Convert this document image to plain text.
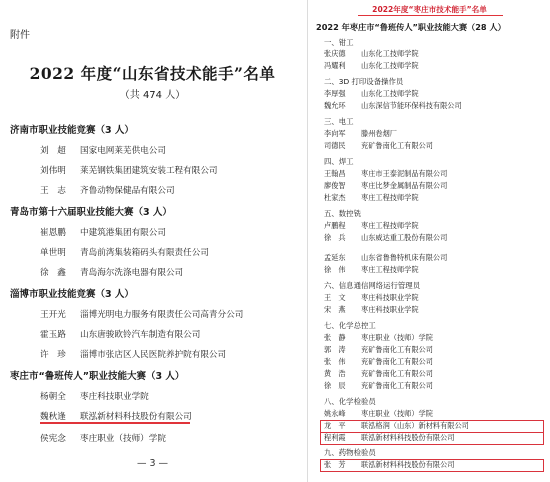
附件
2022 年度“山东省技术能手”名单
（共 474 人）
济南市职业技能竞赛（3 人）
刘　超 国家电网莱芜供电公司
刘伟明 莱芜钢铁集团建筑安装工程有限公司
王　志 齐鲁动物保健品有限公司
青岛市第十六届职业技能大赛（3 人）
崔恩鹏 中建筑港集团有限公司
单世明 青岛前湾集装箱码头有限责任公司
徐　鑫 青岛海尔洗涤电器有限公司
淄博市职业技能竞赛（3 人）
王开光 淄博光明电力服务有限责任公司高青分公司
霍玉路 山东唐骏欧铃汽车制造有限公司
许　珍 淄博市张店区人民医院养护院有限公司
枣庄市“鲁班传人”职业技能大赛（3 人）
杨朝全 枣庄科技职业学院
魏秋逢 联泓新材料科技股份有限公司
侯宪念 枣庄职业（技师）学院
— 3 —
2022年度“枣庄市技术能手”名单
2022 年枣庄市“鲁班传人”职业技能大赛（28 人）
一、钳工
张庆德 山东化工技师学院
冯耀利 山东化工技师学院
二、3D 打印设备操作员
李厚强 山东化工技师学院
魏允环 山东深信节能环保科技有限公司
三、电工
李向军 滕州卷烟厂
司德民 兖矿鲁南化工有限公司
四、焊工
王翰昌 枣庄市王泰泥制品有限公司
廖俊智 枣庄比梦金属制品有限公司
杜家杰 枣庄工程技师学院
五、数控铣
卢鹏程 枣庄工程技师学院
徐　兵 山东威达重工股份有限公司
孟延东 山东省鲁鲁特机床有限公司
徐　伟 枣庄工程技师学院
六、信息通信网络运行管理员
王　文 枣庄科技职业学院
宋　燕 枣庄科技职业学院
七、化学总控工
张　静 枣庄职业（技师）学院
郭　涛 兖矿鲁南化工有限公司
张　伟 兖矿鲁南化工有限公司
黄　浩 兖矿鲁南化工有限公司
徐　辰 兖矿鲁南化工有限公司
八、化学检验员
姚永峰 枣庄职业（技师）学院
龙　平 联泓格润（山东）新材料有限公司
程利霞 联泓新材料科技股份有限公司
九、药物检验员
张　芳 联泓新材料科技股份有限公司
